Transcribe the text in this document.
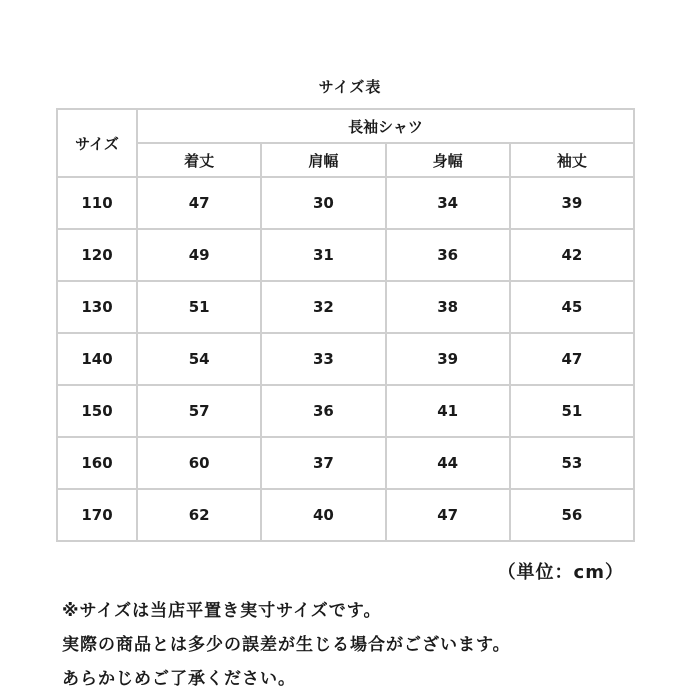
サイズ表
サイズ	長袖シャツ			
	着丈	肩幅	身幅	袖丈
110	47	30	34	39
120	49	31	36	42
130	51	32	38	45
140	54	33	39	47
150	57	36	41	51
160	60	37	44	53
170	62	40	47	56
（単位：cm）
※サイズは当店平置き実寸サイズです。
実際の商品とは多少の誤差が生じる場合がございます。
あらかじめご了承ください。
